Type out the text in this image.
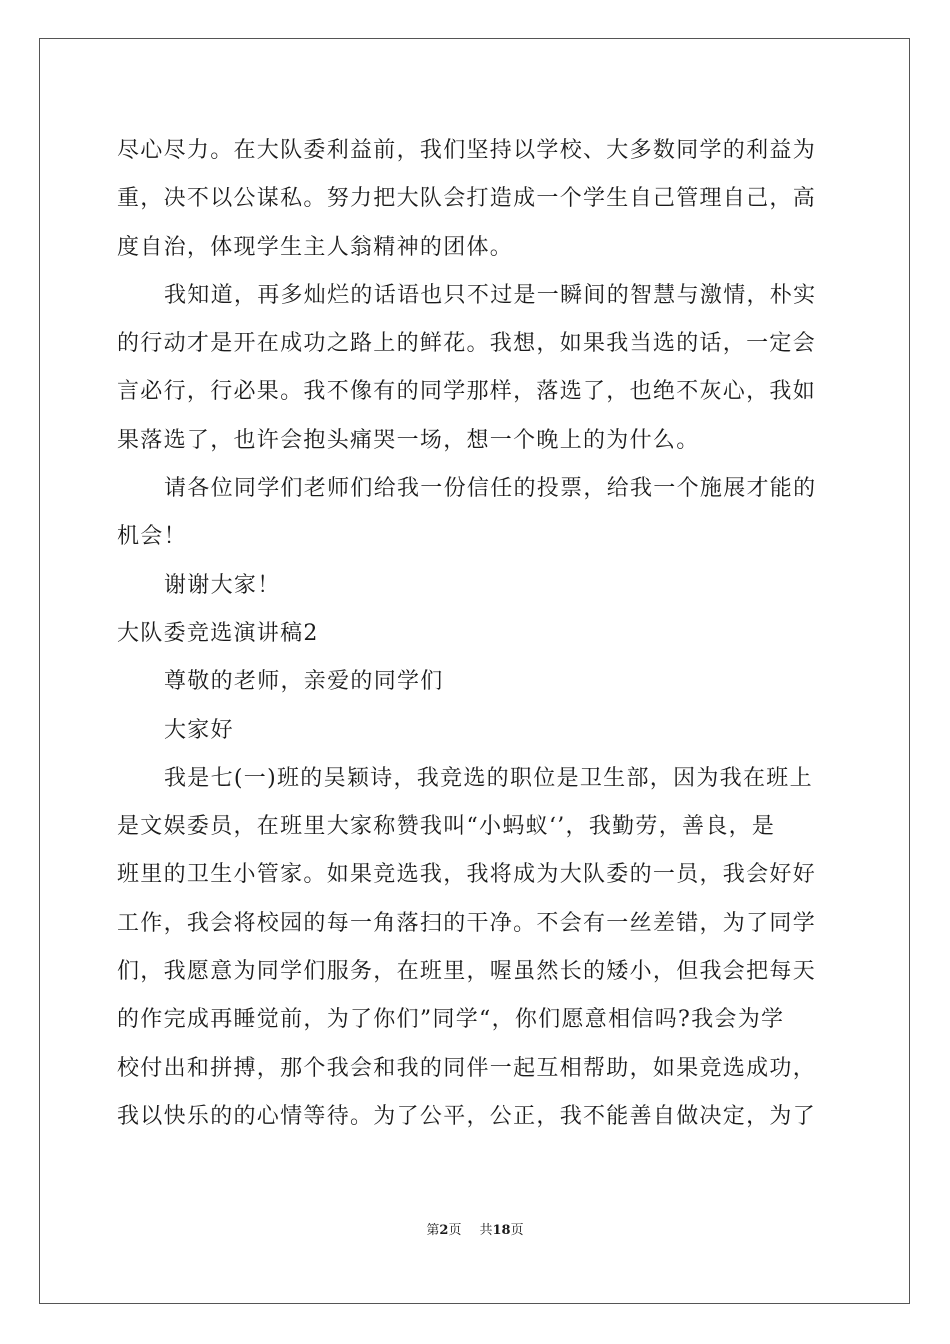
尽心尽力。在大队委利益前，我们坚持以学校、大多数同学的利益为
重，决不以公谋私。努力把大队会打造成一个学生自己管理自己，高
度自治，体现学生主人翁精神的团体。
我知道，再多灿烂的话语也只不过是一瞬间的智慧与激情，朴实
的行动才是开在成功之路上的鲜花。我想，如果我当选的话，一定会
言必行，行必果。我不像有的同学那样，落选了，也绝不灰心，我如
果落选了，也许会抱头痛哭一场，想一个晚上的为什么。
请各位同学们老师们给我一份信任的投票，给我一个施展才能的
机会！
谢谢大家！
大队委竞选演讲稿2
尊敬的老师，亲爱的同学们
大家好
我是七(一)班的吴颖诗，我竞选的职位是卫生部，因为我在班上
是文娱委员，在班里大家称赞我叫“小蚂蚁‘’，我勤劳，善良，是
班里的卫生小管家。如果竞选我，我将成为大队委的一员，我会好好
工作，我会将校园的每一角落扫的干净。不会有一丝差错，为了同学
们，我愿意为同学们服务，在班里，喔虽然长的矮小，但我会把每天
的作完成再睡觉前，为了你们”同学“，你们愿意相信吗?我会为学
校付出和拼搏，那个我会和我的同伴一起互相帮助，如果竞选成功，
我以快乐的的心情等待。为了公平，公正，我不能善自做决定，为了
第2页 共18页
